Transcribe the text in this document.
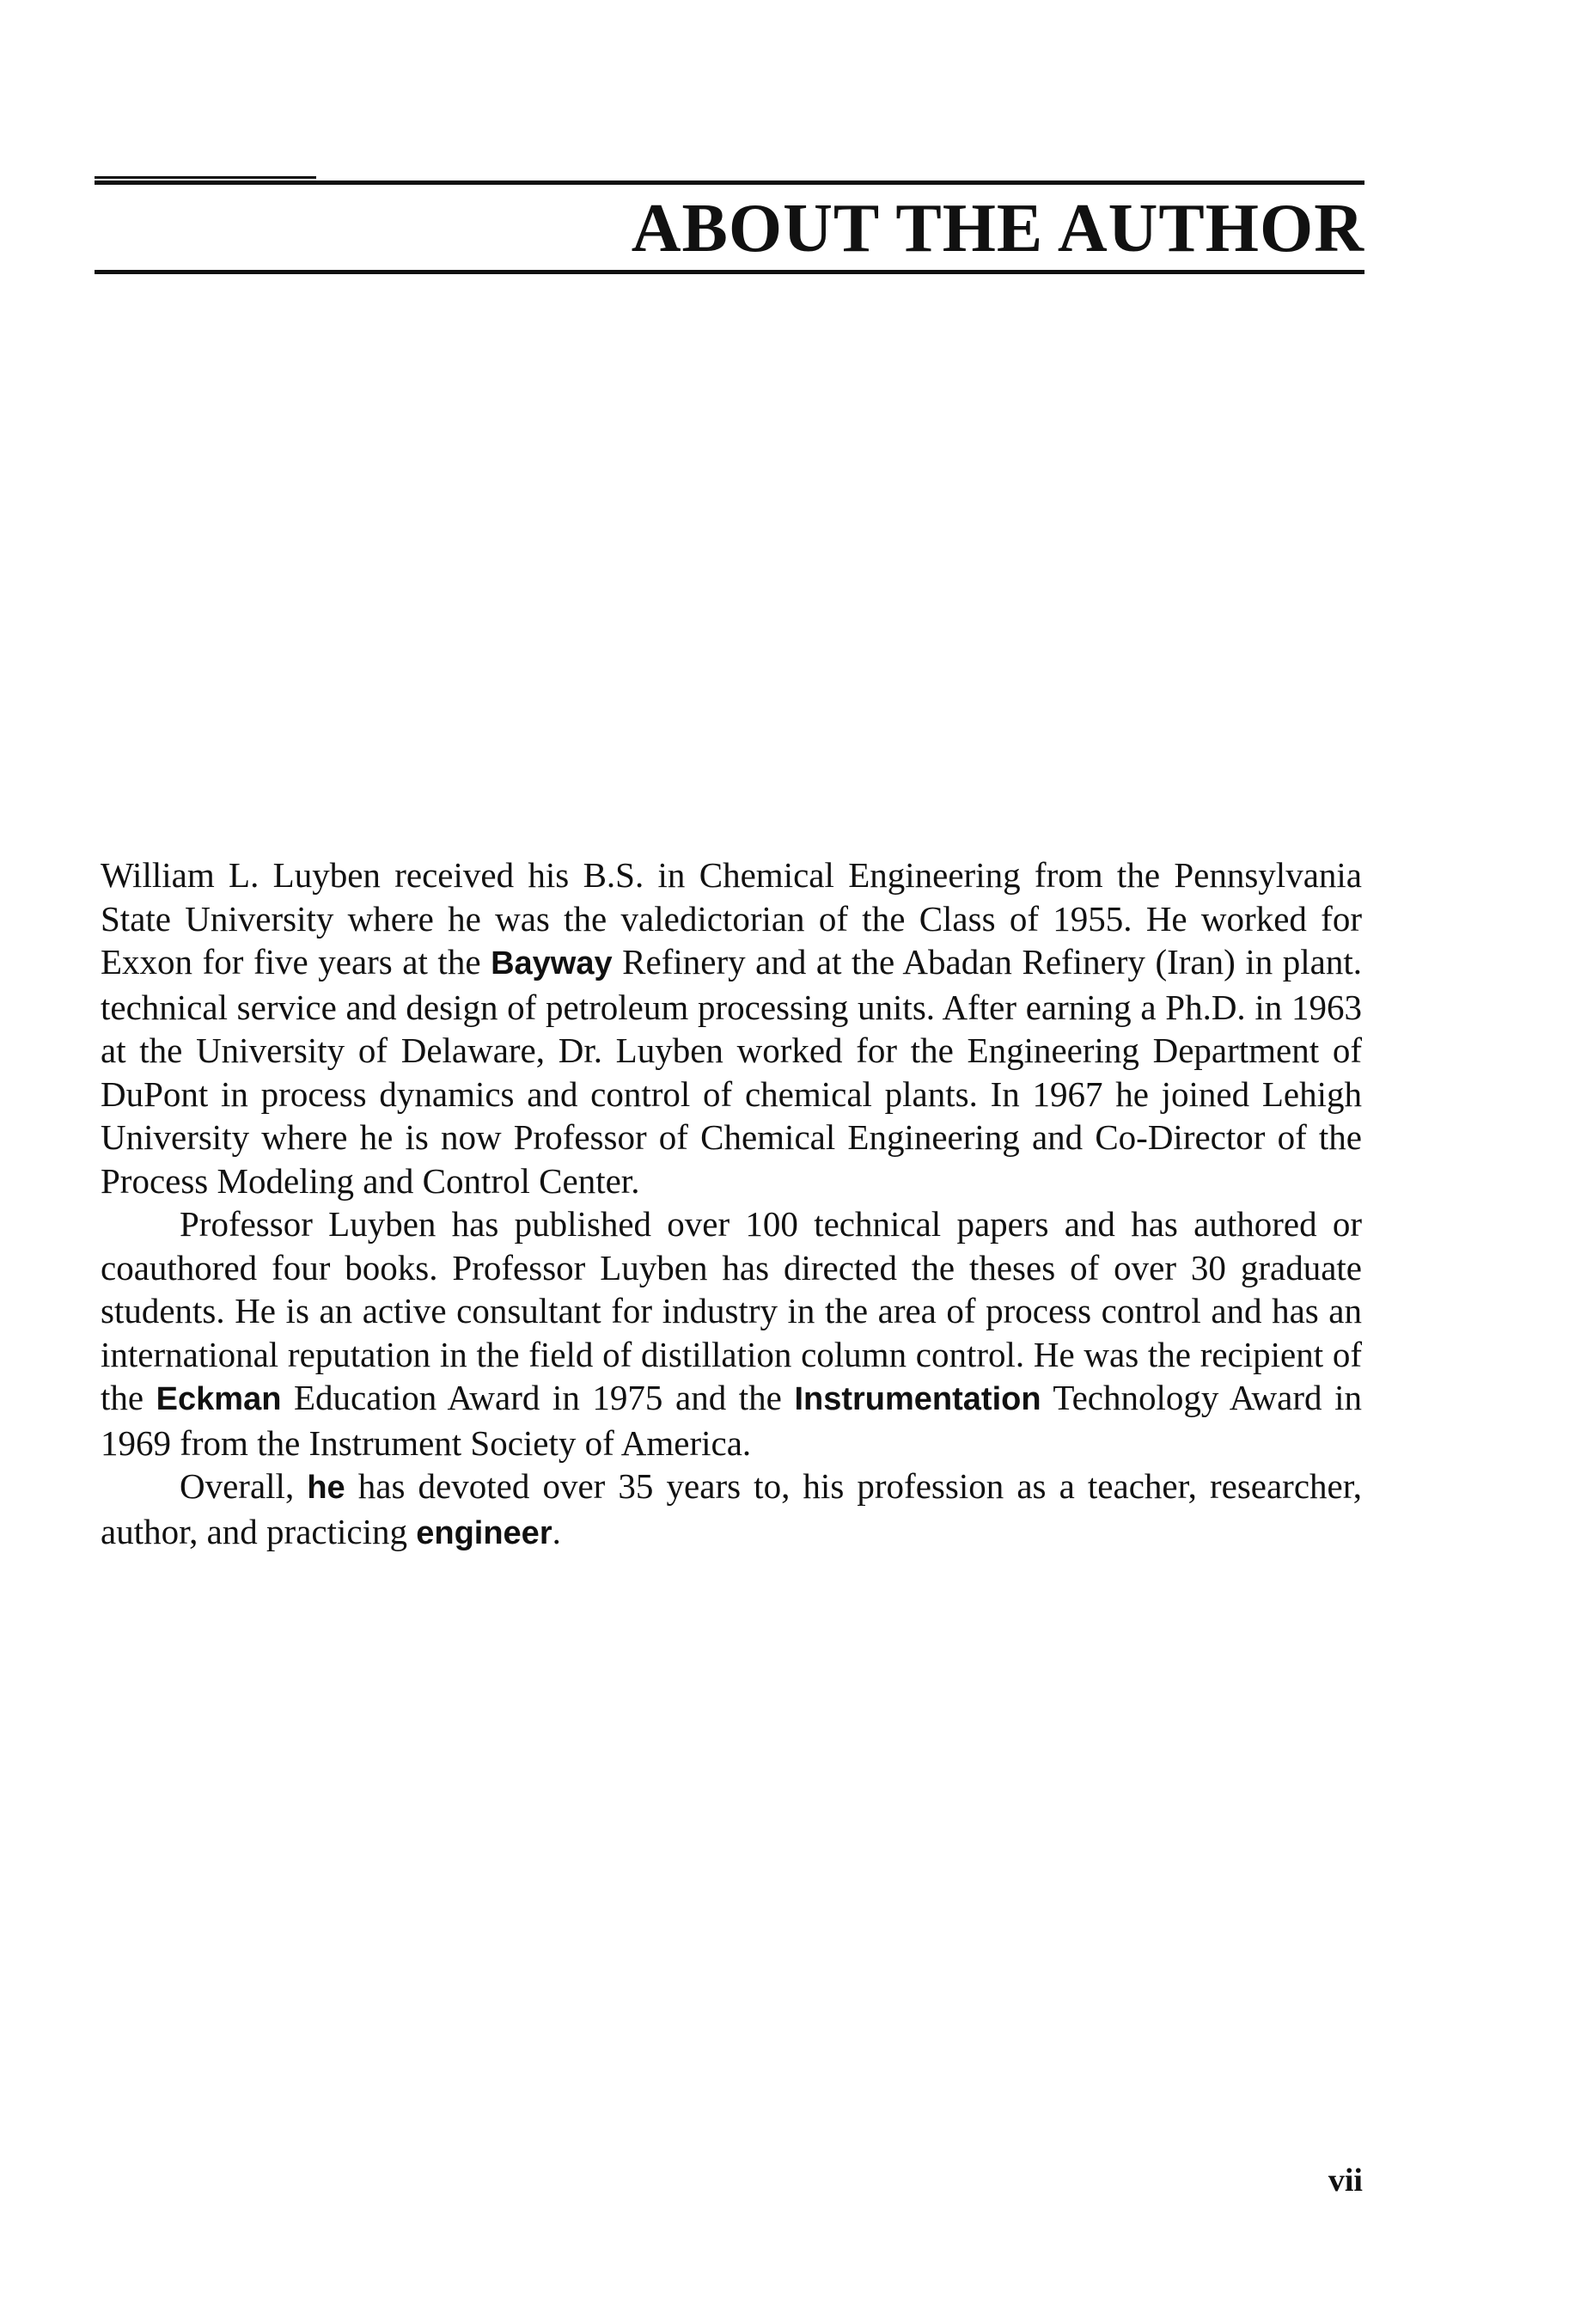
ABOUT THE AUTHOR

William L. Luyben received his B.S. in Chemical Engineering from the Pennsylvania State University where he was the valedictorian of the Class of 1955. He worked for Exxon for five years at the Bayway Refinery and at the Abadan Refinery (Iran) in plant. technical service and design of petroleum processing units. After earning a Ph.D. in 1963 at the University of Delaware, Dr. Luyben worked for the Engineering Department of DuPont in process dynamics and control of chemical plants. In 1967 he joined Lehigh University where he is now Professor of Chemical Engineering and Co-Director of the Process Modeling and Control Center.

Professor Luyben has published over 100 technical papers and has authored or coauthored four books. Professor Luyben has directed the theses of over 30 graduate students. He is an active consultant for industry in the area of process control and has an international reputation in the field of distillation column control. He was the recipient of the Eckman Education Award in 1975 and the Instrumentation Technology Award in 1969 from the Instrument Society of America.

Overall, he has devoted over 35 years to, his profession as a teacher, researcher, author, and practicing engineer.

vii
